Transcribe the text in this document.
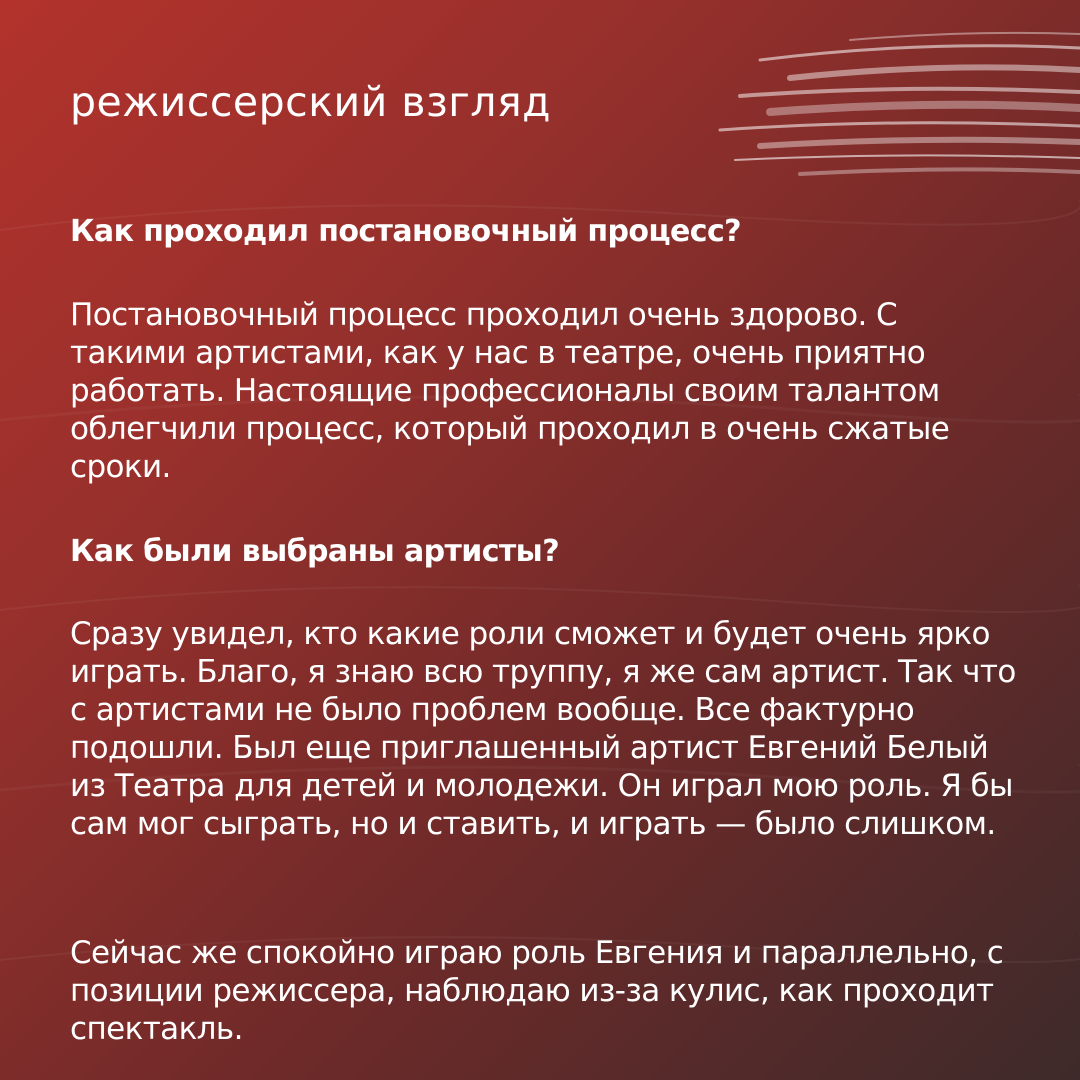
режиссерский взгляд
Как проходил постановочный процесс?

Постановочный процесс проходил очень здорово. С такими артистами, как у нас в театре, очень приятно работать. Настоящие профессионалы своим талантом облегчили процесс, который проходил в очень сжатые сроки.

Как были выбраны артисты?

Сразу увидел, кто какие роли сможет и будет очень ярко играть. Благо, я знаю всю труппу, я же сам артист. Так что с артистами не было проблем вообще. Все фактурно подошли. Был еще приглашенный артист Евгений Белый из Театра для детей и молодежи. Он играл мою роль. Я бы сам мог сыграть, но и ставить, и играть — было слишком.

Сейчас же спокойно играю роль Евгения и параллельно, с позиции режиссера, наблюдаю из-за кулис, как проходит спектакль.
